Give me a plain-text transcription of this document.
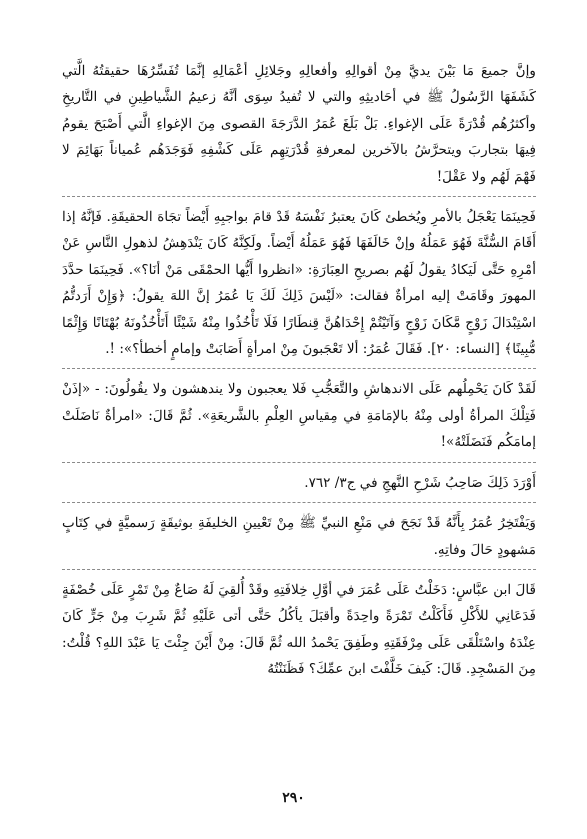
وإنَّ جميعَ مَا بَيْنَ يديَّ مِنْ أقوالِهِ وأفعالِهِ وجَلائِلِ أعْمَالِهِ إنَّمَا تُفَسِّرُهَا حقيقتُهُ الَّتي كَشَفَهَا الرَّسُولُ ﷺ في أحَاديثِهِ والتي لا تُفيدُ سِوَى أنَّهُ زعيمُ الشَّياطِينِ في التَّاريخِ وأكثرُهُم قُدْرَةً عَلَى الإغواءِ. بَلْ بَلَغَ عُمَرُ الدَّرَجَةَ القصوى مِنَ الإغواءِ الَّتي أَصْبَحَ يقومُ فِيهَا بتجاربَ ويتحرَّشُ بالآخرين لمعرفةِ قُدْرَتِهِم عَلَى كَشْفِهِ فَوَجَدَهُم عُمياناً بَهَائِمَ لا فَهْمَ لَهُم ولا عَقْلَ!

فَحِينَمَا يَعْجَلُ بالأمرِ ويُخطئ كَانَ يعتبرُ نَفْسَهُ قَدْ قامَ بواجبِهِ أَيْضاً تجَاهَ الحقيقَةِ. فَإنَّهُ إذا أَقَامَ السُّنَّةَ فَهُوَ عَمَلُهُ وإنْ خَالَفَهَا فَهُوَ عَمَلُهُ أَيْضاً. ولَكِنَّهُ كَانَ يَنْدَهِشُ لذهولِ النَّاسِ عَنْ أمْرِهِ حَتَّى لَيَكادُ يقولُ لَهُم بصريحِ العِبَارَةِ: «انظروا أَيُّها الحمْقَى مَنْ أنَا؟». فَحِينَمَا حدَّدَ المهورَ وقَامَتْ إليه امرأةٌ فقالت: «لَيْسَ ذَلِكَ لَكَ يَا عُمَرُ إنَّ اللهَ يقولُ: ﴿وَإِنْ أَرَدتُّمُ اسْتِبْدَالَ زَوْجٍ مَّكَانَ زَوْجٍ وَآتَيْتُمْ إِحْدَاهُنَّ قِنطَارًا فَلَا تَأْخُذُوا مِنْهُ شَيْئًا أَتَأْخُذُونَهُ بُهْتَانًا وَإِثْمًا مُّبِينًا﴾ [النساء: ٢٠]. فَقَالَ عُمَرُ: ألا تَعْجَبونَ مِنْ امرأةٍ أَصَابَتْ وإمامٍ أخطأ؟»: !.

لَقَدْ كَانَ يَحْمِلُهم عَلَى الاندهاشِ والتَّعَجُّبِ فَلا يعجبون ولا يندهشون ولا يقُولُونَ: - «إذَنْ فَتِلْكَ المرأةُ أولى مِنْهُ بالإمَامَةِ في مِقياسِ العِلْمِ بالشَّريعَةِ». ثُمَّ قَالَ: «امرأةٌ نَاضَلَتْ إمامَكُم فَنَضَلَتْهُ»!

أَوْرَدَ ذَلِكَ صَاحِبُ شَرْحِ النَّهجِ في ج٣/ ٧٦٢.

وَيَفْتَخِرُ عُمَرُ بِأَنَّهُ قَدْ نَجَحَ في مَنْعِ النبيِّ ﷺ مِنْ تَعْيينِ الخليفَةِ بوثيقَةٍ رَسميَّةٍ في كِتَابٍ مَشهودٍ حَالَ وفاتِهِ.

قَالَ ابن عبَّاسٍ: دَخَلْتُ عَلَى عُمَرَ في أوَّلِ خِلافَتِهِ وقَدْ أُلقِيَ لَهُ صَاعٌ مِنْ تَمْرٍ عَلَى خُصْفَةٍ فَدَعَانِي للأَكْلِ فَأَكَلْتُ تَمْرَةً واحِدَةً وأقبَلَ يأكُلُ حَتَّى أتى عَلَيْهِ ثُمَّ شَرِبَ مِنْ جَرٍّ كَانَ عِنْدَهُ واسْتَلْقَى عَلَى مِرْفَقَتِهِ وطَفِقَ يَحْمدُ الله ثُمَّ قَالَ: مِنْ أَيْنَ جِئْتَ يَا عَبْدَ اللهِ؟ قُلْتُ: مِنَ المَسْجِدِ. قَالَ: كَيفَ خَلَّفْتَ ابنَ عمِّكَ؟ فَظَنَنْتُهُ

٢٩٠
